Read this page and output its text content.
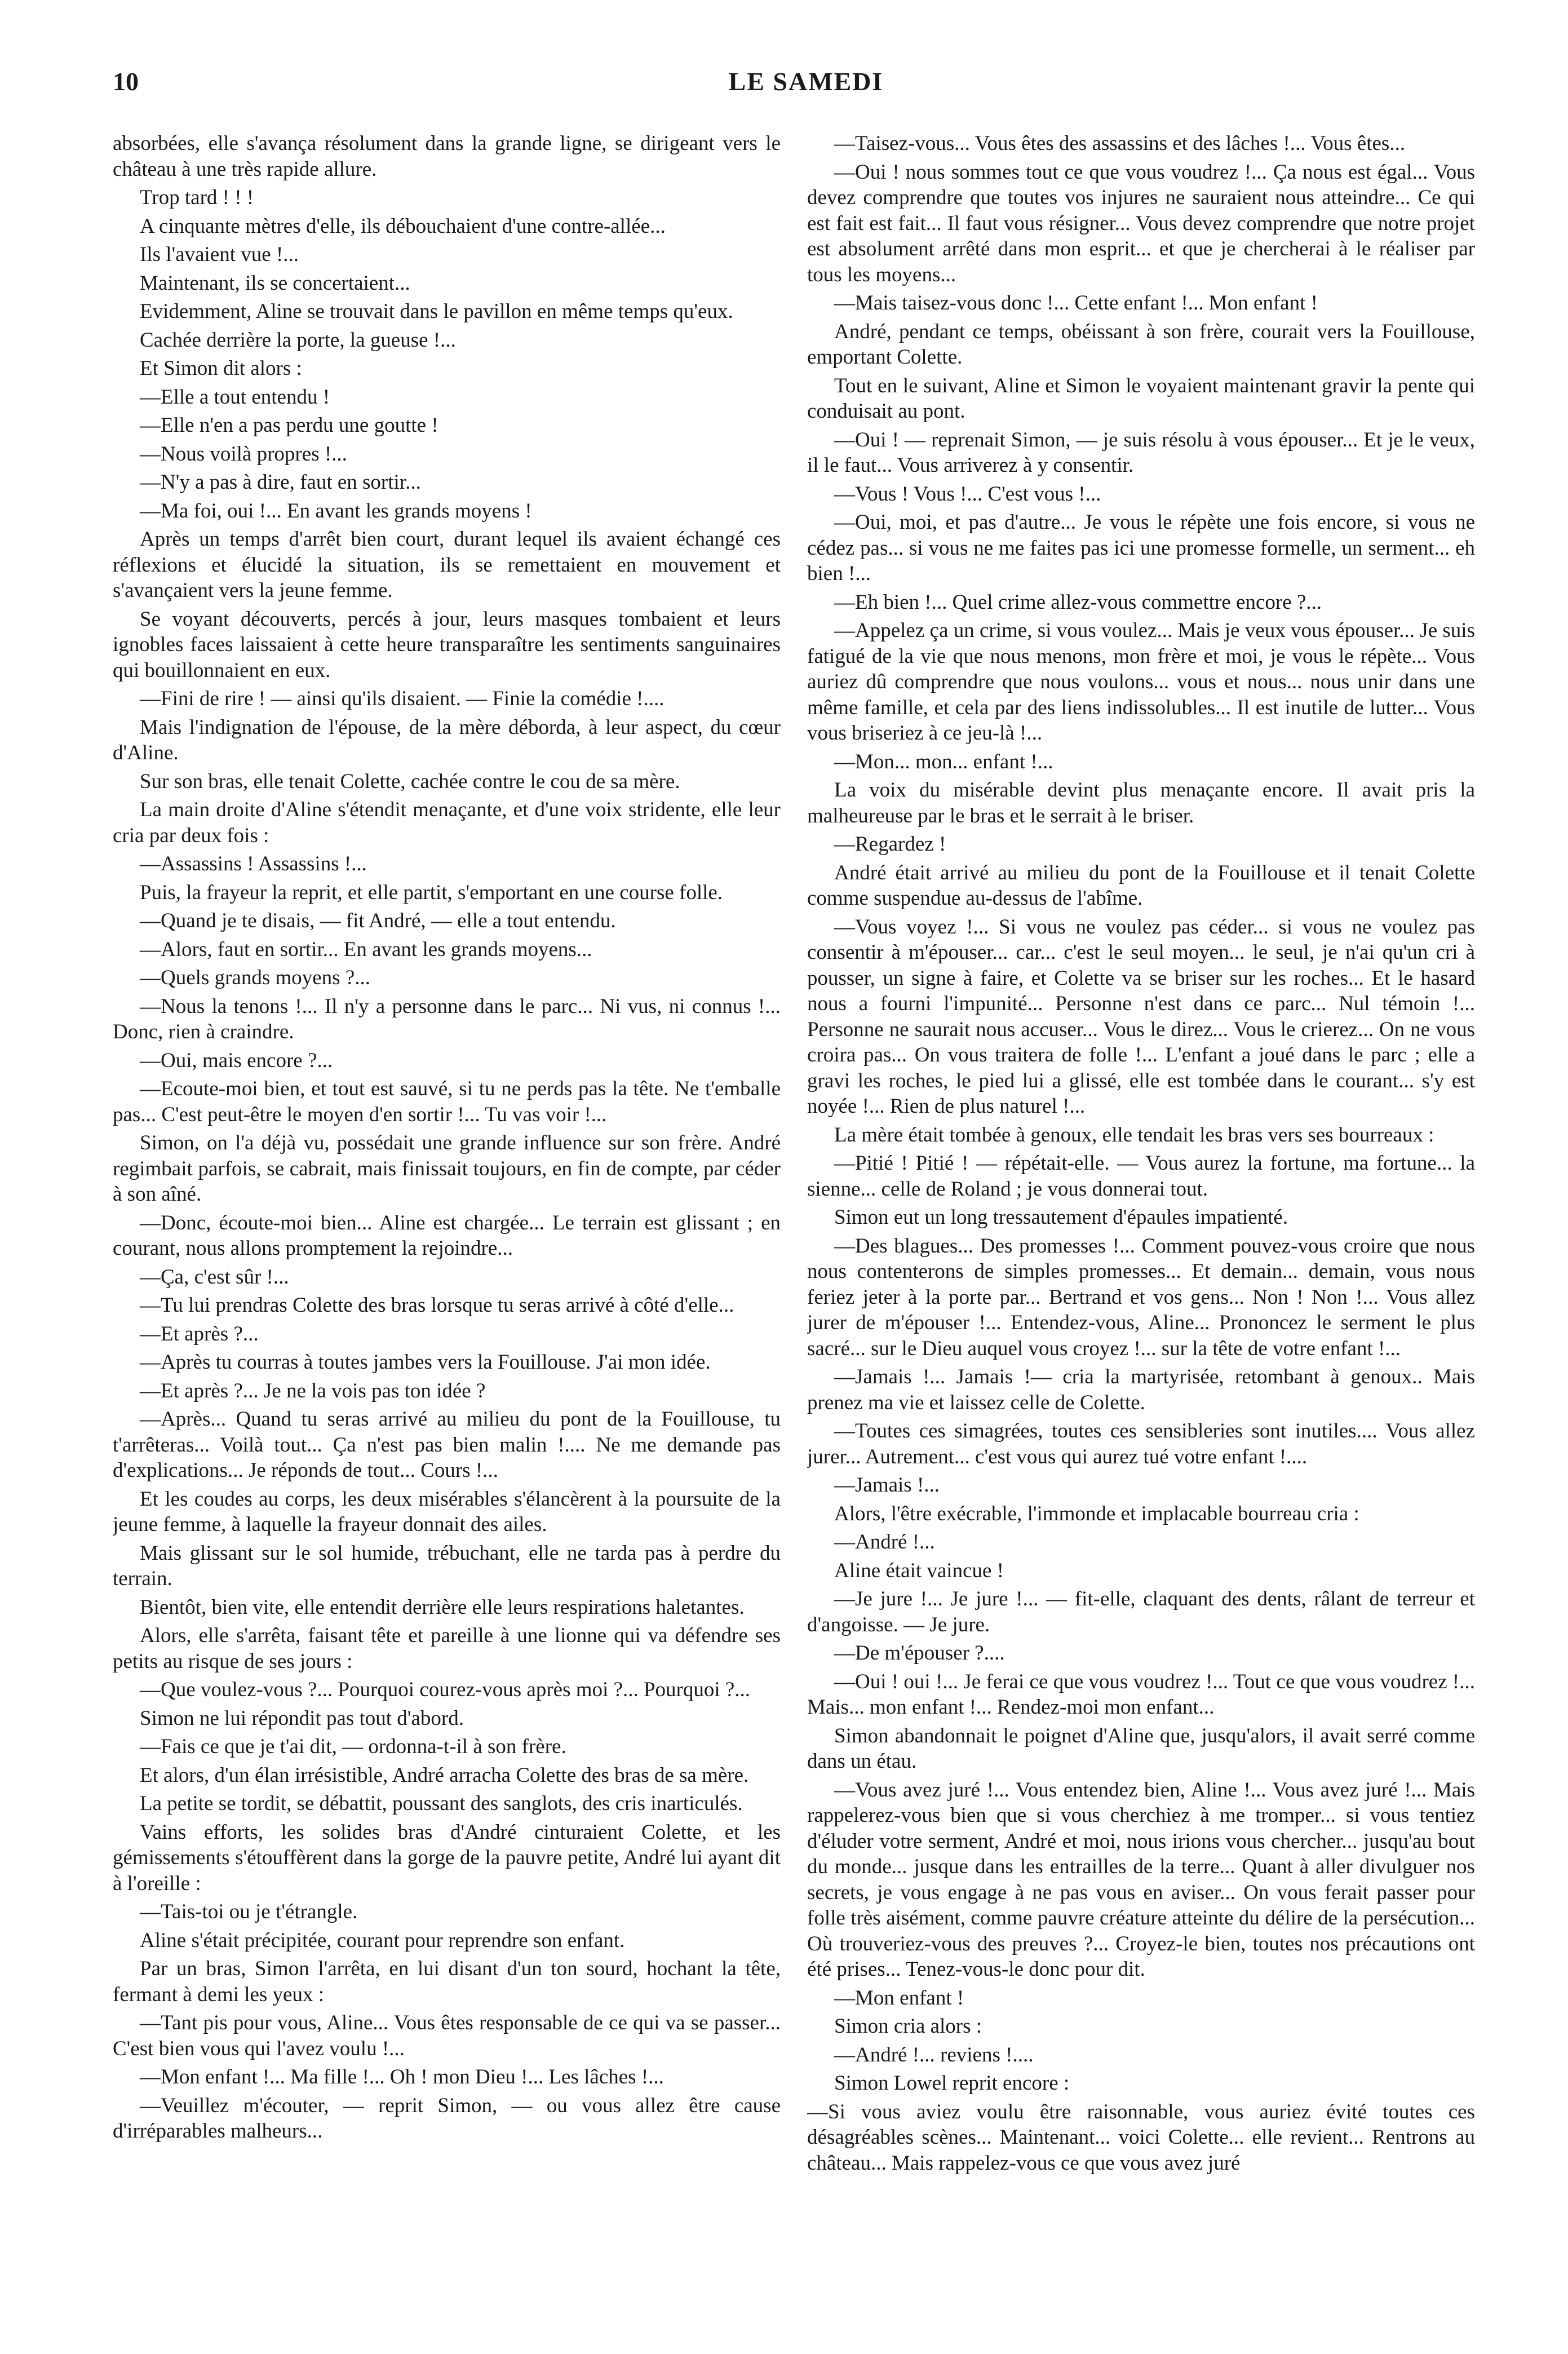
10	LE SAMEDI

absorbées, elle s'avança résolument dans la grande ligne, se dirigeant vers le château à une très rapide allure.

Trop tard ! ! !

A cinquante mètres d'elle, ils débouchaient d'une contre-allée...

Ils l'avaient vue !...

Maintenant, ils se concertaient...

Evidemment, Aline se trouvait dans le pavillon en même temps qu'eux.

Cachée derrière la porte, la gueuse !...

Et Simon dit alors :

—Elle a tout entendu !

—Elle n'en a pas perdu une goutte !

—Nous voilà propres !...

—N'y a pas à dire, faut en sortir...

—Ma foi, oui !... En avant les grands moyens !

Après un temps d'arrêt bien court, durant lequel ils avaient échangé ces réflexions et élucidé la situation, ils se remettaient en mouvement et s'avançaient vers la jeune femme.

Se voyant découverts, percés à jour, leurs masques tombaient et leurs ignobles faces laissaient à cette heure transparaître les sentiments sanguinaires qui bouillonnaient en eux.

—Fini de rire ! — ainsi qu'ils disaient. — Finie la comédie !....

Mais l'indignation de l'épouse, de la mère déborda, à leur aspect, du cœur d'Aline.

Sur son bras, elle tenait Colette, cachée contre le cou de sa mère.

La main droite d'Aline s'étendit menaçante, et d'une voix stridente, elle leur cria par deux fois :

—Assassins ! Assassins !...

Puis, la frayeur la reprit, et elle partit, s'emportant en une course folle.

—Quand je te disais, — fit André, — elle a tout entendu.

—Alors, faut en sortir... En avant les grands moyens...

—Quels grands moyens ?...

—Nous la tenons !... Il n'y a personne dans le parc... Ni vus, ni connus !... Donc, rien à craindre.

—Oui, mais encore ?...

—Ecoute-moi bien, et tout est sauvé, si tu ne perds pas la tête. Ne t'emballe pas... C'est peut-être le moyen d'en sortir !... Tu vas voir !...

Simon, on l'a déjà vu, possédait une grande influence sur son frère. André regimbait parfois, se cabrait, mais finissait toujours, en fin de compte, par céder à son aîné.

—Donc, écoute-moi bien... Aline est chargée... Le terrain est glissant ; en courant, nous allons promptement la rejoindre...

—Ça, c'est sûr !...

—Tu lui prendras Colette des bras lorsque tu seras arrivé à côté d'elle...

—Et après ?...

—Après tu courras à toutes jambes vers la Fouillouse. J'ai mon idée.

—Et après ?... Je ne la vois pas ton idée ?

—Après... Quand tu seras arrivé au milieu du pont de la Fouillouse, tu t'arrêteras... Voilà tout... Ça n'est pas bien malin !.... Ne me demande pas d'explications... Je réponds de tout... Cours !...

Et les coudes au corps, les deux misérables s'élancèrent à la poursuite de la jeune femme, à laquelle la frayeur donnait des ailes.

Mais glissant sur le sol humide, trébuchant, elle ne tarda pas à perdre du terrain.

Bientôt, bien vite, elle entendit derrière elle leurs respirations haletantes.

Alors, elle s'arrêta, faisant tête et pareille à une lionne qui va défendre ses petits au risque de ses jours :

—Que voulez-vous ?... Pourquoi courez-vous après moi ?... Pourquoi ?...

Simon ne lui répondit pas tout d'abord.

—Fais ce que je t'ai dit, — ordonna-t-il à son frère.

Et alors, d'un élan irrésistible, André arracha Colette des bras de sa mère.

La petite se tordit, se débattit, poussant des sanglots, des cris inarticulés.

Vains efforts, les solides bras d'André cinturaient Colette, et les gémissements s'étouffèrent dans la gorge de la pauvre petite, André lui ayant dit à l'oreille :

—Tais-toi ou je t'étrangle.

Aline s'était précipitée, courant pour reprendre son enfant.

Par un bras, Simon l'arrêta, en lui disant d'un ton sourd, hochant la tête, fermant à demi les yeux :

—Tant pis pour vous, Aline... Vous êtes responsable de ce qui va se passer... C'est bien vous qui l'avez voulu !...

—Mon enfant !... Ma fille !... Oh ! mon Dieu !... Les lâches !...

—Veuillez m'écouter, — reprit Simon, — ou vous allez être cause d'irréparables malheurs...

—Taisez-vous... Vous êtes des assassins et des lâches !... Vous êtes...

—Oui ! nous sommes tout ce que vous voudrez !... Ça nous est égal... Vous devez comprendre que toutes vos injures ne sauraient nous atteindre... Ce qui est fait est fait... Il faut vous résigner... Vous devez comprendre que notre projet est absolument arrêté dans mon esprit... et que je chercherai à le réaliser par tous les moyens...

—Mais taisez-vous donc !... Cette enfant !... Mon enfant !

André, pendant ce temps, obéissant à son frère, courait vers la Fouillouse, emportant Colette.

Tout en le suivant, Aline et Simon le voyaient maintenant gravir la pente qui conduisait au pont.

—Oui ! — reprenait Simon, — je suis résolu à vous épouser... Et je le veux, il le faut... Vous arriverez à y consentir.

—Vous ! Vous !... C'est vous !...

—Oui, moi, et pas d'autre... Je vous le répète une fois encore, si vous ne cédez pas... si vous ne me faites pas ici une promesse formelle, un serment... eh bien !...

—Eh bien !... Quel crime allez-vous commettre encore ?...

—Appelez ça un crime, si vous voulez... Mais je veux vous épouser... Je suis fatigué de la vie que nous menons, mon frère et moi, je vous le répète... Vous auriez dû comprendre que nous voulons... vous et nous... nous unir dans une même famille, et cela par des liens indissolubles... Il est inutile de lutter... Vous vous briseriez à ce jeu-là !...

—Mon... mon... enfant !...

La voix du misérable devint plus menaçante encore. Il avait pris la malheureuse par le bras et le serrait à le briser.

—Regardez !

André était arrivé au milieu du pont de la Fouillouse et il tenait Colette comme suspendue au-dessus de l'abîme.

—Vous voyez !... Si vous ne voulez pas céder... si vous ne voulez pas consentir à m'épouser... car... c'est le seul moyen... le seul, je n'ai qu'un cri à pousser, un signe à faire, et Colette va se briser sur les roches... Et le hasard nous a fourni l'impunité... Personne n'est dans ce parc... Nul témoin !... Personne ne saurait nous accuser... Vous le direz... Vous le crierez... On ne vous croira pas... On vous traitera de folle !... L'enfant a joué dans le parc ; elle a gravi les roches, le pied lui a glissé, elle est tombée dans le courant... s'y est noyée !... Rien de plus naturel !...

La mère était tombée à genoux, elle tendait les bras vers ses bourreaux :

—Pitié ! Pitié ! — répétait-elle. — Vous aurez la fortune, ma fortune... la sienne... celle de Roland ; je vous donnerai tout.

Simon eut un long tressautement d'épaules impatienté.

—Des blagues... Des promesses !... Comment pouvez-vous croire que nous nous contenterons de simples promesses... Et demain... demain, vous nous feriez jeter à la porte par... Bertrand et vos gens... Non ! Non !... Vous allez jurer de m'épouser !... Entendez-vous, Aline... Prononcez le serment le plus sacré... sur le Dieu auquel vous croyez !... sur la tête de votre enfant !...

—Jamais !... Jamais !— cria la martyrisée, retombant à genoux.. Mais prenez ma vie et laissez celle de Colette.

—Toutes ces simagrées, toutes ces sensibleries sont inutiles.... Vous allez jurer... Autrement... c'est vous qui aurez tué votre enfant !....

—Jamais !...

Alors, l'être exécrable, l'immonde et implacable bourreau cria :

—André !...

Aline était vaincue !

—Je jure !... Je jure !... — fit-elle, claquant des dents, râlant de terreur et d'angoisse. — Je jure.

—De m'épouser ?....

—Oui ! oui !... Je ferai ce que vous voudrez !... Tout ce que vous voudrez !... Mais... mon enfant !... Rendez-moi mon enfant...

Simon abandonnait le poignet d'Aline que, jusqu'alors, il avait serré comme dans un étau.

—Vous avez juré !... Vous entendez bien, Aline !... Vous avez juré !... Mais rappelerez-vous bien que si vous cherchiez à me tromper... si vous tentiez d'éluder votre serment, André et moi, nous irions vous chercher... jusqu'au bout du monde... jusque dans les entrailles de la terre... Quant à aller divulguer nos secrets, je vous engage à ne pas vous en aviser... On vous ferait passer pour folle très aisément, comme pauvre créature atteinte du délire de la persécution... Où trouveriez-vous des preuves ?... Croyez-le bien, toutes nos précautions ont été prises... Tenez-vous-le donc pour dit.

—Mon enfant !

Simon cria alors :

—André !... reviens !....

Simon Lowel reprit encore :

—Si vous aviez voulu être raisonnable, vous auriez évité toutes ces désagréables scènes... Maintenant... voici Colette... elle revient... Rentrons au château... Mais rappelez-vous ce que vous avez juré
